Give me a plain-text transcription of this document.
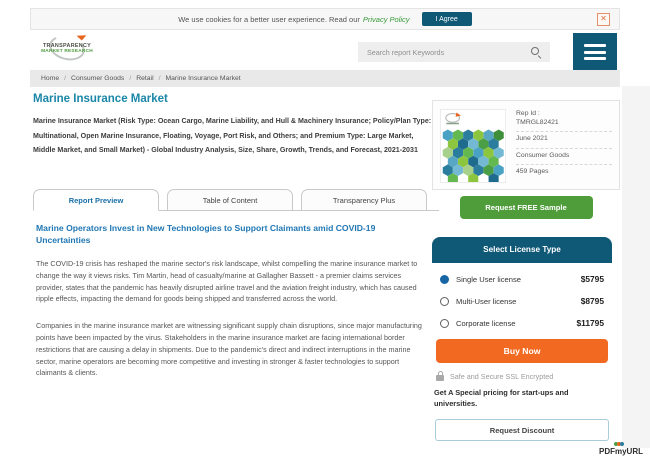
We use cookies for a better user experience. Read our Privacy Policy	I Agree	✕
TRANSPARENCY
MARKET RESEARCH
Search report Keywords
Home / Consumer Goods / Retail / Marine Insurance Market
Marine Insurance Market
Marine Insurance Market (Risk Type: Ocean Cargo, Marine Liability, and Hull & Machinery Insurance; Policy/Plan Type: Multinational, Open Marine Insurance, Floating, Voyage, Port Risk, and Others; and Premium Type: Large Market, Middle Market, and Small Market) - Global Industry Analysis, Size, Share, Growth, Trends, and Forecast, 2021-2031
Report Preview	Table of Content	Transparency Plus
Marine Operators Invest in New Technologies to Support Claimants amid COVID-19 Uncertainties

The COVID-19 crisis has reshaped the marine sector's risk landscape, whilst compelling the marine insurance market to change the way it views risks. Tim Martin, head of casualty/marine at Gallagher Bassett - a premier claims services provider, states that the pandemic has heavily disrupted airline travel and the aviation freight industry, which has caused ripple effects, impacting the demand for goods being shipped and transferred across the world.

Companies in the marine insurance market are witnessing significant supply chain disruptions, since major manufacturing points have been impacted by the virus. Stakeholders in the marine insurance market are facing international border restrictions that are causing a delay in shipments. Due to the pandemic's direct and indirect interruptions in the marine sector, marine operators are becoming more competitive and investing in stronger & faster technologies to support claimants & clients.

Rep Id :
TMRGL82421
June 2021
Consumer Goods
459 Pages
Request FREE Sample
Select License Type
Single User license	$5795
Multi-User license	$8795
Corporate license	$11795
Buy Now
Safe and Secure SSL Encrypted
Get A Special pricing for start-ups and universities.
Request Discount
PDFmyURL
